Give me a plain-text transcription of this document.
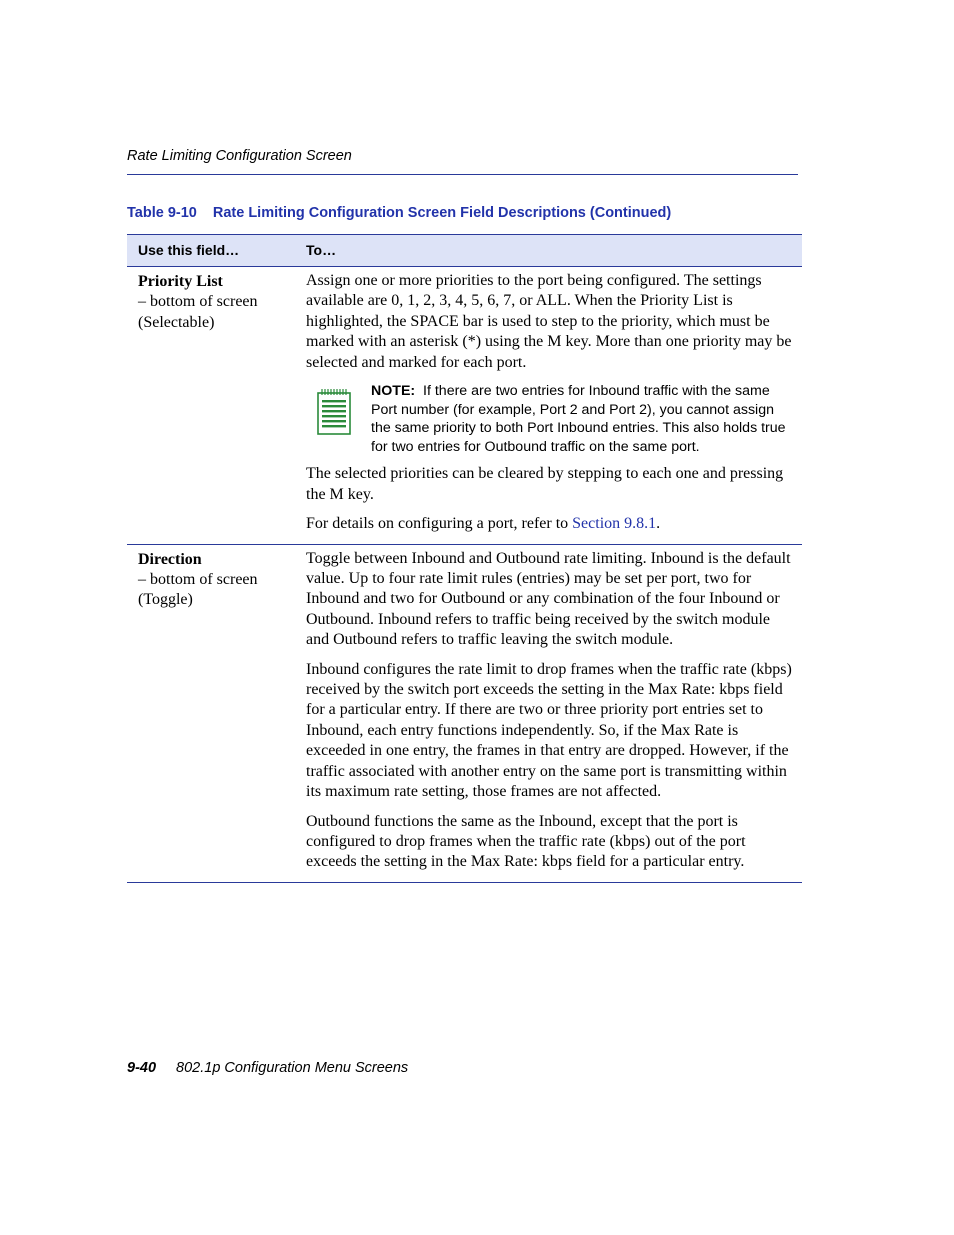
Rate Limiting Configuration Screen
Table 9-10 Rate Limiting Configuration Screen Field Descriptions (Continued)
Use this field…	To…
Priority List
– bottom of screen
(Selectable)

Assign one or more priorities to the port being configured. The settings available are 0, 1, 2, 3, 4, 5, 6, 7, or ALL. When the Priority List is highlighted, the SPACE bar is used to step to the priority, which must be marked with an asterisk (*) using the M key. More than one priority may be selected and marked for each port.

NOTE: If there are two entries for Inbound traffic with the same Port number (for example, Port 2 and Port 2), you cannot assign the same priority to both Port Inbound entries. This also holds true for two entries for Outbound traffic on the same port.

The selected priorities can be cleared by stepping to each one and pressing the M key.

For details on configuring a port, refer to Section 9.8.1.

Direction
– bottom of screen
(Toggle)

Toggle between Inbound and Outbound rate limiting. Inbound is the default value. Up to four rate limit rules (entries) may be set per port, two for Inbound and two for Outbound or any combination of the four Inbound or Outbound. Inbound refers to traffic being received by the switch module and Outbound refers to traffic leaving the switch module.

Inbound configures the rate limit to drop frames when the traffic rate (kbps) received by the switch port exceeds the setting in the Max Rate: kbps field for a particular entry. If there are two or three priority port entries set to Inbound, each entry functions independently. So, if the Max Rate is exceeded in one entry, the frames in that entry are dropped. However, if the traffic associated with another entry on the same port is transmitting within its maximum rate setting, those frames are not affected.

Outbound functions the same as the Inbound, except that the port is configured to drop frames when the traffic rate (kbps) out of the port exceeds the setting in the Max Rate: kbps field for a particular entry.

9-40 802.1p Configuration Menu Screens
